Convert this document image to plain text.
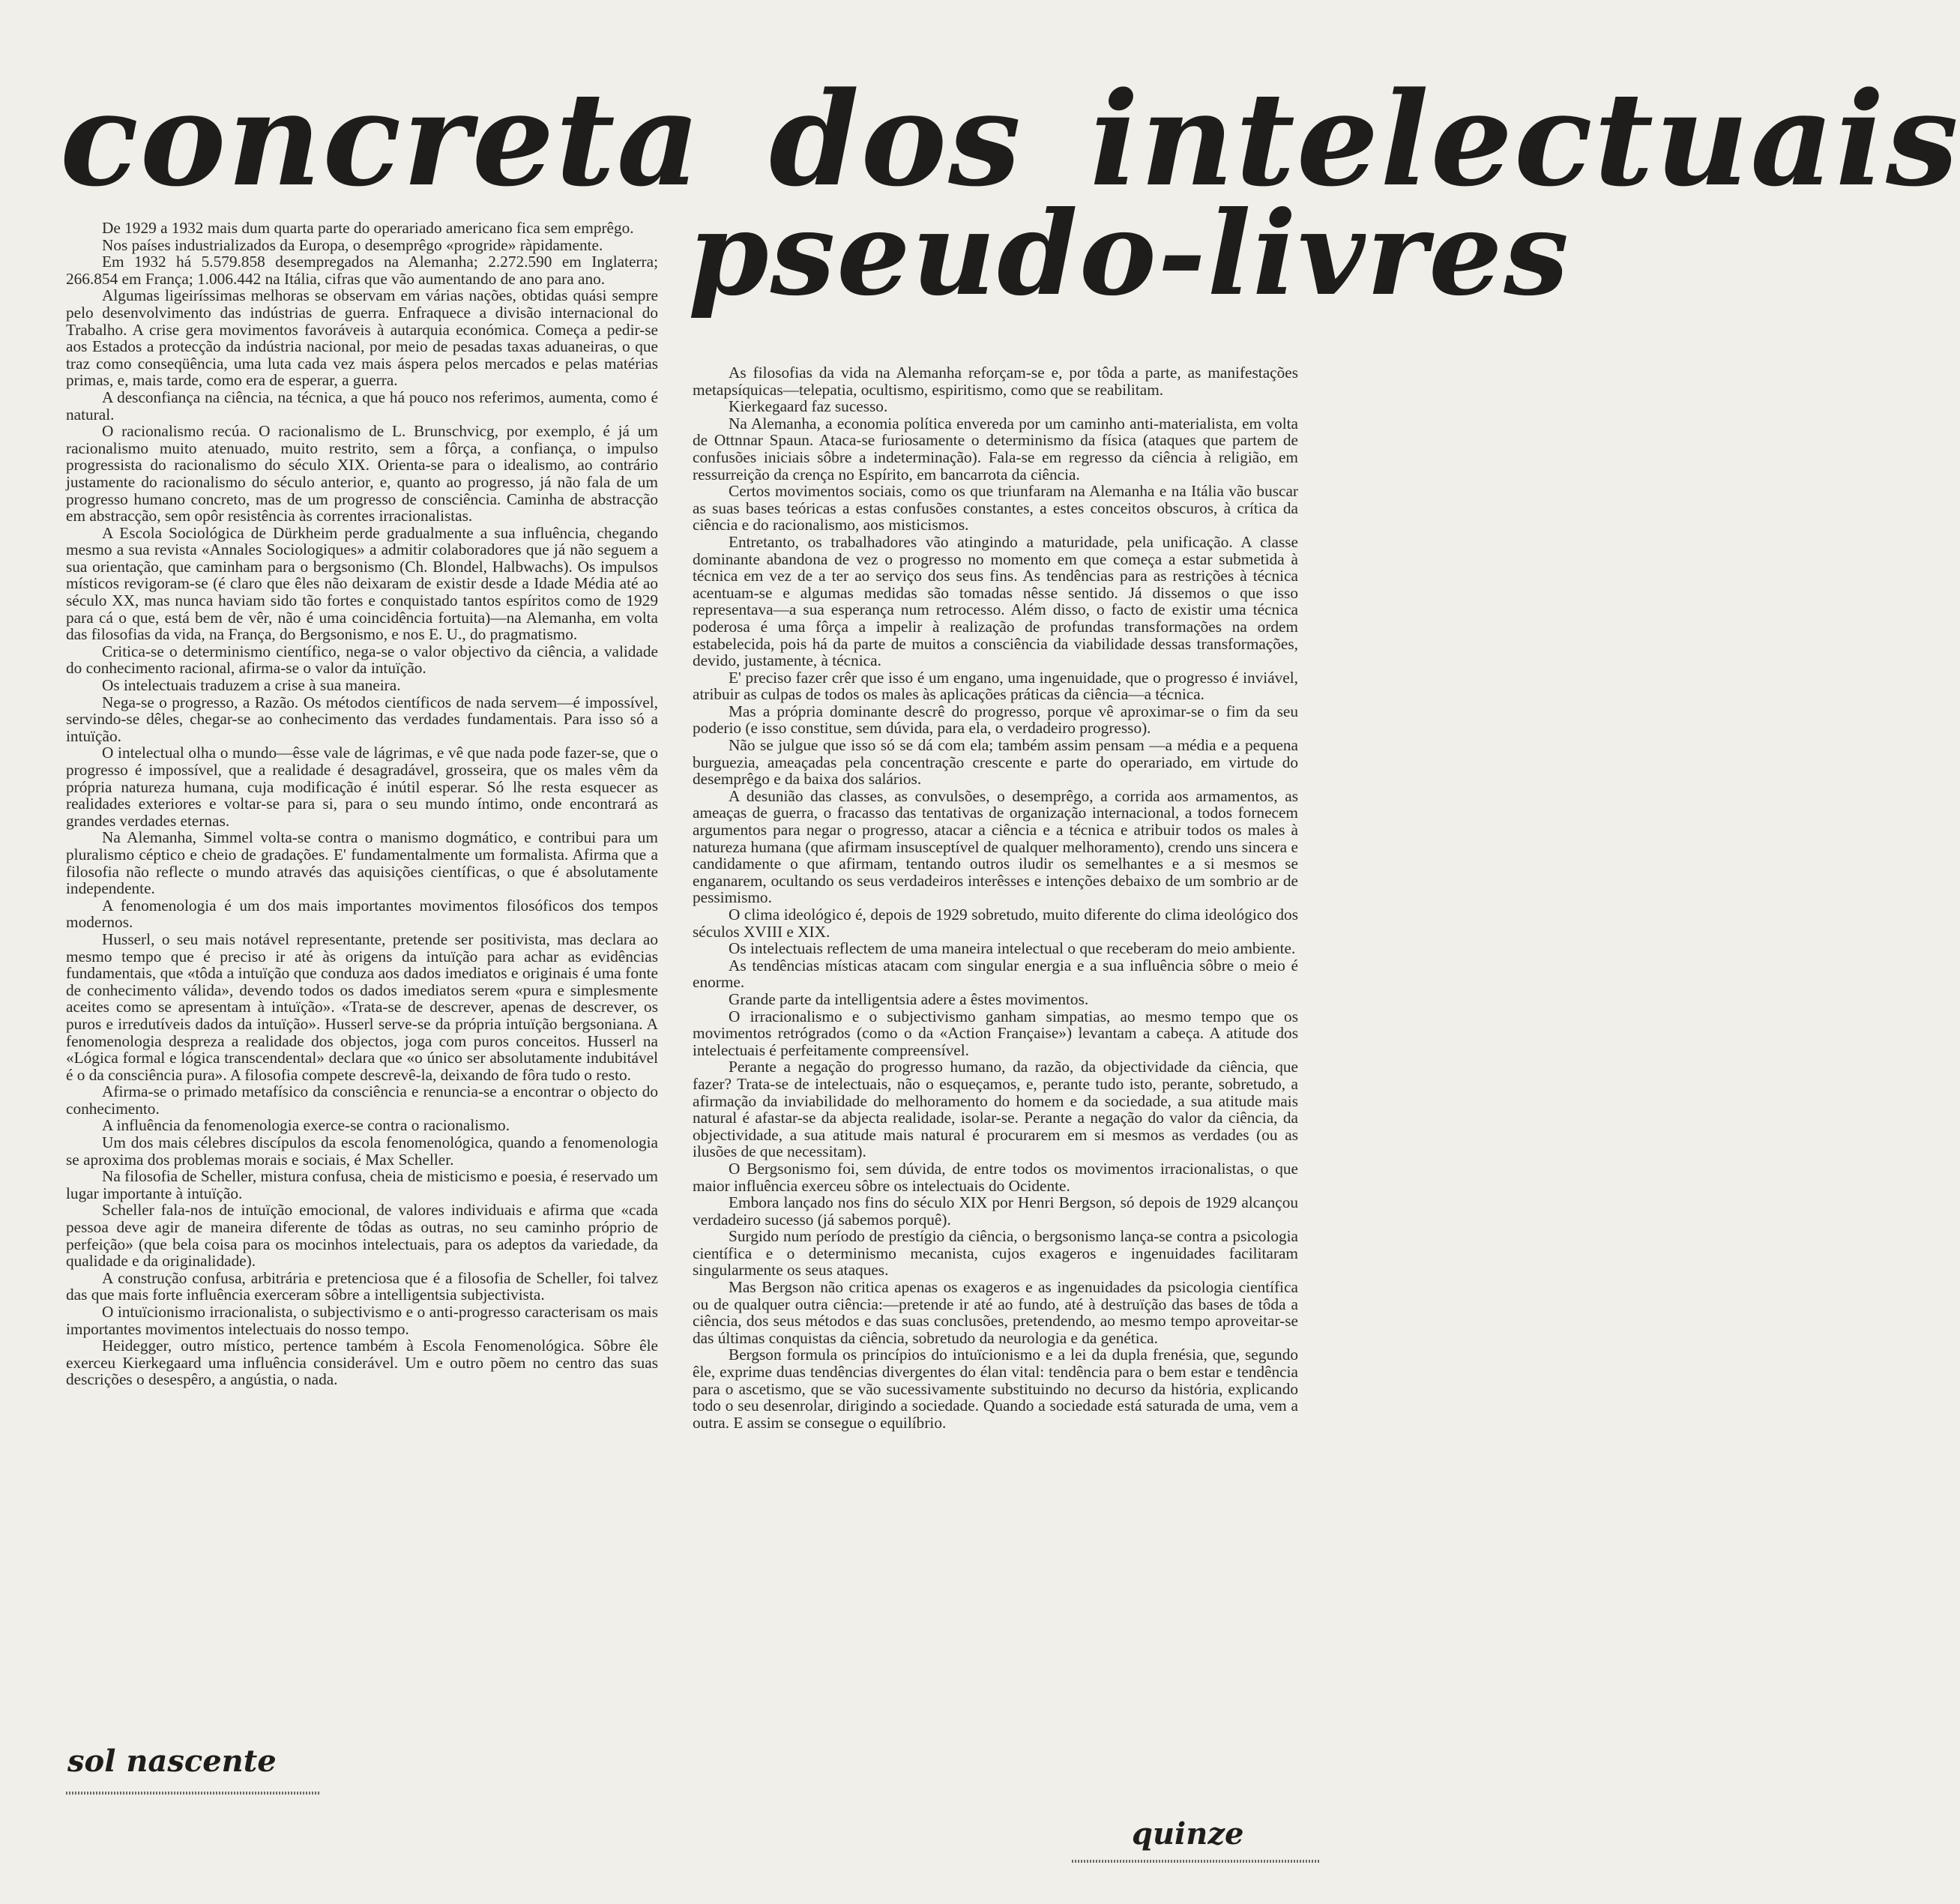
concreta dos intelectuais
pseudo-livres

De 1929 a 1932 mais dum quarta parte do operariado americano fica sem emprêgo.

Nos países industrializados da Europa, o desemprêgo «progride» ràpidamente.

Em 1932 há 5.579.858 desempregados na Alemanha; 2.272.590 em Inglaterra; 266.854 em França; 1.006.442 na Itália, cifras que vão aumentando de ano para ano.

Algumas ligeiríssimas melhoras se observam em várias nações, obtidas quási sempre pelo desenvolvimento das indústrias de guerra. Enfraquece a divisão internacional do Trabalho. A crise gera movimentos favoráveis à autarquia económica. Começa a pedir-se aos Estados a protecção da indústria nacional, por meio de pesadas taxas aduaneiras, o que traz como conseqüência, uma luta cada vez mais áspera pelos mercados e pelas matérias primas, e, mais tarde, como era de esperar, a guerra.

A desconfiança na ciência, na técnica, a que há pouco nos referimos, aumenta, como é natural.

O racionalismo recúa. O racionalismo de L. Brunschvicg, por exemplo, é já um racionalismo muito atenuado, muito restrito, sem a fôrça, a confiança, o impulso progressista do racionalismo do século XIX. Orienta-se para o idealismo, ao contrário justamente do racionalismo do século anterior, e, quanto ao progresso, já não fala de um progresso humano concreto, mas de um progresso de consciência. Caminha de abstracção em abstracção, sem opôr resistência às correntes irracionalistas.

A Escola Sociológica de Dürkheim perde gradualmente a sua influência, chegando mesmo a sua revista «Annales Sociologiques» a admitir colaboradores que já não seguem a sua orientação, que caminham para o bergsonismo (Ch. Blondel, Halbwachs). Os impulsos místicos revigoram-se (é claro que êles não deixaram de existir desde a Idade Média até ao século XX, mas nunca haviam sido tão fortes e conquistado tantos espíritos como de 1929 para cá o que, está bem de vêr, não é uma coincidência fortuita)—na Alemanha, em volta das filosofias da vida, na França, do Bergsonismo, e nos E. U., do pragmatismo.

Critica-se o determinismo científico, nega-se o valor objectivo da ciência, a validade do conhecimento racional, afirma-se o valor da intuïção.

Os intelectuais traduzem a crise à sua maneira.

Nega-se o progresso, a Razão. Os métodos científicos de nada servem—é impossível, servindo-se dêles, chegar-se ao conhecimento das verdades fundamentais. Para isso só a intuïção.

O intelectual olha o mundo—êsse vale de lágrimas, e vê que nada pode fazer-se, que o progresso é impossível, que a realidade é desagradável, grosseira, que os males vêm da própria natureza humana, cuja modificação é inútil esperar. Só lhe resta esquecer as realidades exteriores e voltar-se para si, para o seu mundo íntimo, onde encontrará as grandes verdades eternas.

Na Alemanha, Simmel volta-se contra o manismo dogmático, e contribui para um pluralismo céptico e cheio de gradações. E' fundamentalmente um formalista. Afirma que a filosofia não reflecte o mundo através das aquisições científicas, o que é absolutamente independente.

A fenomenologia é um dos mais importantes movimentos filosóficos dos tempos modernos.

Husserl, o seu mais notável representante, pretende ser positivista, mas declara ao mesmo tempo que é preciso ir até às origens da intuïção para achar as evidências fundamentais, que «tôda a intuïção que conduza aos dados imediatos e originais é uma fonte de conhecimento válida», devendo todos os dados imediatos serem «pura e simplesmente aceites como se apresentam à intuïção». «Trata-se de descrever, apenas de descrever, os puros e irredutíveis dados da intuïção». Husserl serve-se da própria intuïção bergsoniana. A fenomenologia despreza a realidade dos objectos, joga com puros conceitos. Husserl na «Lógica formal e lógica transcendental» declara que «o único ser absolutamente indubitável é o da consciência pura». A filosofia compete descrevê-la, deixando de fôra tudo o resto.

Afirma-se o primado metafísico da consciência e renuncia-se a encontrar o objecto do conhecimento.

A influência da fenomenologia exerce-se contra o racionalismo.

Um dos mais célebres discípulos da escola fenomenológica, quando a fenomenologia se aproxima dos problemas morais e sociais, é Max Scheller.

Na filosofia de Scheller, mistura confusa, cheia de misticismo e poesia, é reservado um lugar importante à intuïção.

Scheller fala-nos de intuïção emocional, de valores individuais e afirma que «cada pessoa deve agir de maneira diferente de tôdas as outras, no seu caminho próprio de perfeição» (que bela coisa para os mocinhos intelectuais, para os adeptos da variedade, da qualidade e da originalidade).

A construção confusa, arbitrária e pretenciosa que é a filosofia de Scheller, foi talvez das que mais forte influência exerceram sôbre a intelligentsia subjectivista.

O intuïcionismo irracionalista, o subjectivismo e o anti-progresso caracterisam os mais importantes movimentos intelectuais do nosso tempo.

Heidegger, outro místico, pertence também à Escola Fenomenológica. Sôbre êle exerceu Kierkegaard uma influência considerável. Um e outro põem no centro das suas descrições o desespêro, a angústia, o nada.

As filosofias da vida na Alemanha reforçam-se e, por tôda a parte, as manifestações metapsíquicas—telepatia, ocultismo, espiritismo, como que se reabilitam.

Kierkegaard faz sucesso.

Na Alemanha, a economia política enveredа por um caminho anti-materialista, em volta de Ottnnar Spaun. Ataca-se furiosamente o determinismo da física (ataques que partem de confusões iniciais sôbre a indeterminação). Fala-se em regresso da ciência à religião, em ressurreição da crença no Espírito, em bancarrota da ciência.

Certos movimentos sociais, como os que triunfaram na Alemanha e na Itália vão buscar as suas bases teóricas a estas confusões constantes, a estes conceitos obscuros, à crítica da ciência e do racionalismo, aos misticismos.

Entretanto, os trabalhadores vão atingindo a maturidade, pela unificação. A classe dominante abandona de vez o progresso no momento em que começa a estar submetida à técnica em vez de a ter ao serviço dos seus fins. As tendências para as restrições à técnica acentuam-se e algumas medidas são tomadas nêsse sentido. Já dissemos o que isso representava—a sua esperança num retrocesso. Além disso, o facto de existir uma técnica poderosa é uma fôrça a impelir à realização de profundas transformações na ordem estabelecida, pois há da parte de muitos a consciência da viabilidade dessas transformações, devido, justamente, à técnica.

E' preciso fazer crêr que isso é um engano, uma ingenuidade, que o progresso é inviável, atribuir as culpas de todos os males às aplicações práticas da ciência—a técnica.

Mas a própria dominante descrê do progresso, porque vê aproximar-se o fim da seu poderio (e isso constitue, sem dúvida, para ela, o verdadeiro progresso).

Não se julgue que isso só se dá com ela; também assim pensam —a média e a pequena burguezia, ameaçadas pela concentração crescente e parte do operariado, em virtude do desemprêgo e da baixa dos salários.

A desunião das classes, as convulsões, o desemprêgo, a corrida aos armamentos, as ameaças de guerra, o fracasso das tentativas de organização internacional, a todos fornecem argumentos para negar o progresso, atacar a ciência e a técnica e atribuir todos os males à natureza humana (que afirmam insusceptível de qualquer melhoramento), crendo uns sincera e candidamente o que afirmam, tentando outros iludir os semelhantes e a si mesmos se enganarem, ocultando os seus verdadeiros interêsses e intenções debaixo de um sombrio ar de pessimismo.

O clima ideológico é, depois de 1929 sobretudo, muito diferente do clima ideológico dos séculos XVIII e XIX.

Os intelectuais reflectem de uma maneira intelectual o que receberam do meio ambiente.

As tendências místicas atacam com singular energia e a sua influência sôbre o meio é enorme.

Grande parte da intelligentsia adere a êstes movimentos.

O irracionalismo e o subjectivismo ganham simpatias, ao mesmo tempo que os movimentos retrógrados (como o da «Action Française») levantam a cabeça. A atitude dos intelectuais é perfeitamente compreensível.

Perante a negação do progresso humano, da razão, da objectividade da ciência, que fazer? Trata-se de intelectuais, não o esqueçamos, e, perante tudo isto, perante, sobretudo, a afirmação da inviabilidade do melhoramento do homem e da sociedade, a sua atitude mais natural é afastar-se da abjecta realidade, isolar-se. Perante a negação do valor da ciência, da objectividade, a sua atitude mais natural é procurarem em si mesmos as verdades (ou as ilusões de que necessitam).

O Bergsonismo foi, sem dúvida, de entre todos os movimentos irracionalistas, o que maior influência exerceu sôbre os intelectuais do Ocidente.

Embora lançado nos fins do século XIX por Henri Bergson, só depois de 1929 alcançou verdadeiro sucesso (já sabemos porquê).

Surgido num período de prestígio da ciência, o bergsonismo lança-se contra a psicologia científica e o determinismo mecanista, cujos exageros e ingenuidades facilitaram singularmente os seus ataques.

Mas Bergson não critica apenas os exageros e as ingenuidades da psicologia científica ou de qualquer outra ciência:—pretende ir até ao fundo, até à destruïção das bases de tôda a ciência, dos seus métodos e das suas conclusões, pretendendo, ao mesmo tempo aproveitar-se das últimas conquistas da ciência, sobretudo da neurologia e da genética.

Bergson formula os princípios do intuïcionismo e a lei da dupla frenésia, que, segundo êle, exprime duas tendências divergentes do élan vital: tendência para o bem estar e tendência para o ascetismo, que se vão sucessivamente substituindo no decurso da história, explicando todo o seu desenrolar, dirigindo a sociedade. Quando a sociedade está saturada de uma, vem a outra. E assim se consegue o equilíbrio.

sol nascente
quinze
